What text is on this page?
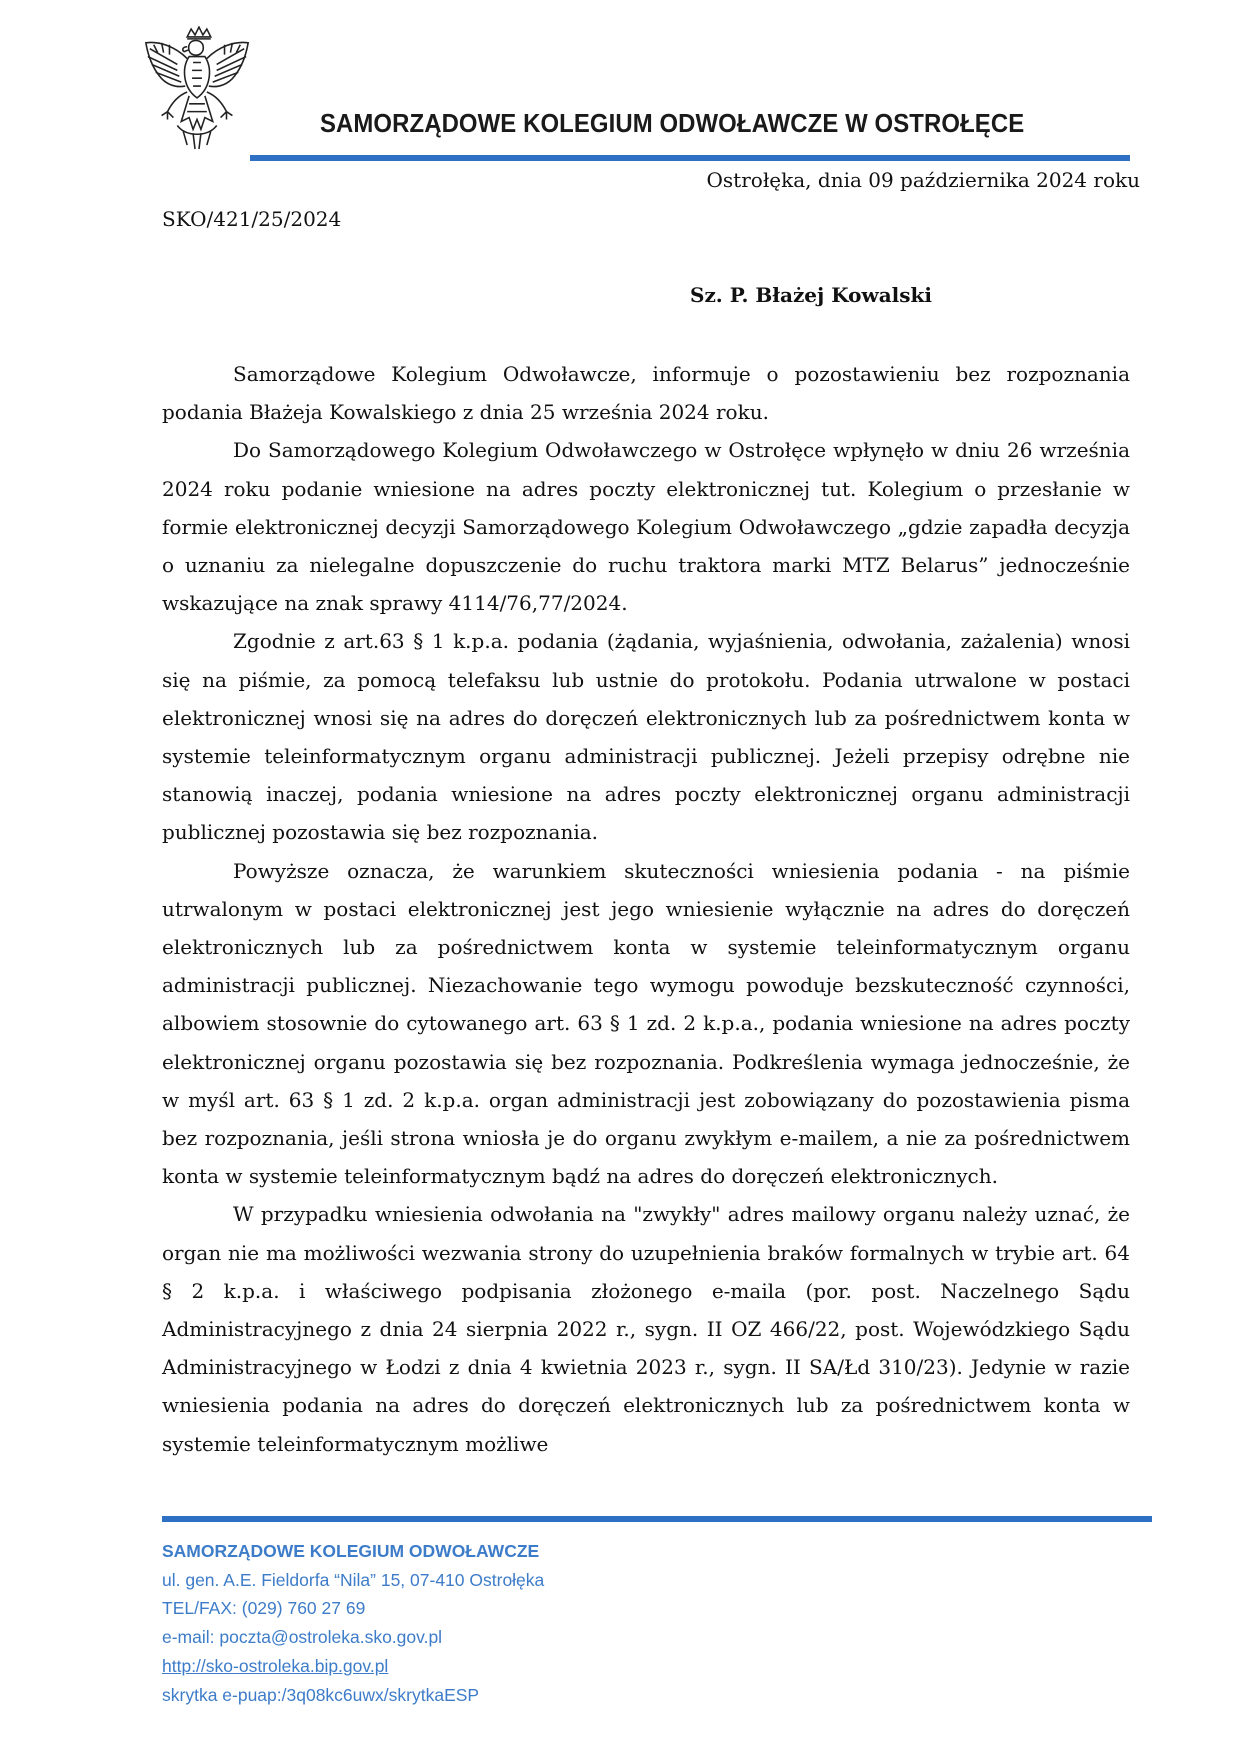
SAMORZĄDOWE KOLEGIUM ODWOŁAWCZE W OSTROŁĘCE
Ostrołęka, dnia 09 października 2024 roku
SKO/421/25/2024
Sz. P. Błażej Kowalski

Samorządowe Kolegium Odwoławcze, informuje o pozostawieniu bez rozpoznania podania Błażeja Kowalskiego z dnia 25 września 2024 roku.

Do Samorządowego Kolegium Odwoławczego w Ostrołęce wpłynęło w dniu 26 września 2024 roku podanie wniesione na adres poczty elektronicznej tut. Kolegium o przesłanie w formie elektronicznej decyzji Samorządowego Kolegium Odwoławczego „gdzie zapadła decyzja o uznaniu za nielegalne dopuszczenie do ruchu traktora marki MTZ Belarus” jednocześnie wskazujące na znak sprawy 4114/76,77/2024.

Zgodnie z art.63 § 1 k.p.a. podania (żądania, wyjaśnienia, odwołania, zażalenia) wnosi się na piśmie, za pomocą telefaksu lub ustnie do protokołu. Podania utrwalone w postaci elektronicznej wnosi się na adres do doręczeń elektronicznych lub za pośrednictwem konta w systemie teleinformatycznym organu administracji publicznej. Jeżeli przepisy odrębne nie stanowią inaczej, podania wniesione na adres poczty elektronicznej organu administracji publicznej pozostawia się bez rozpoznania.

Powyższe oznacza, że warunkiem skuteczności wniesienia podania - na piśmie utrwalonym w postaci elektronicznej jest jego wniesienie wyłącznie na adres do doręczeń elektronicznych lub za pośrednictwem konta w systemie teleinformatycznym organu administracji publicznej. Niezachowanie tego wymogu powoduje bezskuteczność czynności, albowiem stosownie do cytowanego art. 63 § 1 zd. 2 k.p.a., podania wniesione na adres poczty elektronicznej organu pozostawia się bez rozpoznania. Podkreślenia wymaga jednocześnie, że w myśl art. 63 § 1 zd. 2 k.p.a. organ administracji jest zobowiązany do pozostawienia pisma bez rozpoznania, jeśli strona wniosła je do organu zwykłym e-mailem, a nie za pośrednictwem konta w systemie teleinformatycznym bądź na adres do doręczeń elektronicznych.

W przypadku wniesienia odwołania na "zwykły" adres mailowy organu należy uznać, że organ nie ma możliwości wezwania strony do uzupełnienia braków formalnych w trybie art. 64 § 2 k.p.a. i właściwego podpisania złożonego e-maila (por. post. Naczelnego Sądu Administracyjnego z dnia 24 sierpnia 2022 r., sygn. II OZ 466/22, post. Wojewódzkiego Sądu Administracyjnego w Łodzi z dnia 4 kwietnia 2023 r., sygn. II SA/Łd 310/23). Jedynie w razie wniesienia podania na adres do doręczeń elektronicznych lub za pośrednictwem konta w systemie teleinformatycznym możliwe

SAMORZĄDOWE KOLEGIUM ODWOŁAWCZE
ul. gen. A.E. Fieldorfa “Nila” 15, 07-410 Ostrołęka
TEL/FAX: (029) 760 27 69
e-mail: poczta@ostroleka.sko.gov.pl
http://sko-ostroleka.bip.gov.pl
skrytka e-puap:/3q08kc6uwx/skrytkaESP
